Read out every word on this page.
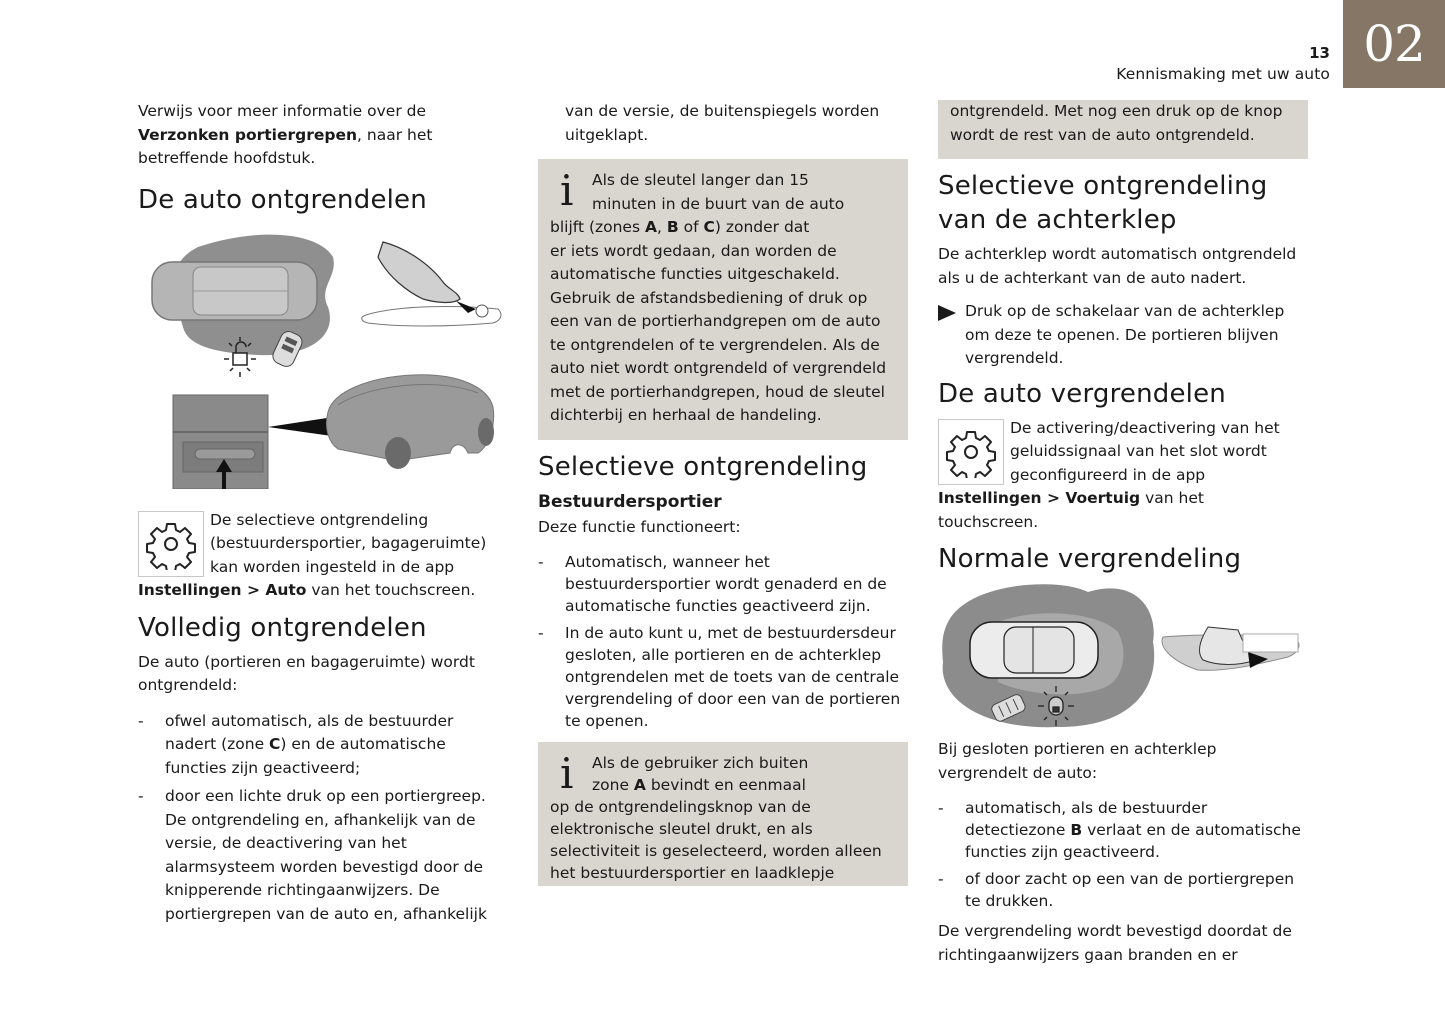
13
Kennismaking met uw auto
02

Verwijs voor meer informatie over de Verzonken portiergrepen, naar het betreffende hoofdstuk.

De auto ontgrendelen

De selectieve ontgrendeling (bestuurdersportier, bagageruimte) kan worden ingesteld in de app Instellingen > Auto van het touchscreen.

Volledig ontgrendelen

De auto (portieren en bagageruimte) wordt ontgrendeld:

- ofwel automatisch, als de bestuurder nadert (zone C) en de automatische functies zijn geactiveerd;
- door een lichte druk op een portiergreep. De ontgrendeling en, afhankelijk van de versie, de deactivering van het alarmsysteem worden bevestigd door de knipperende richtingaanwijzers. De portiergrepen van de auto en, afhankelijk

van de versie, de buitenspiegels worden uitgeklapt.

i	Als de sleutel langer dan 15
minuten in de buurt van de auto
blijft (zones A, B of C) zonder dat
er iets wordt gedaan, dan worden de automatische functies uitgeschakeld. Gebruik de afstandsbediening of druk op een van de portierhandgrepen om de auto te ontgrendelen of te vergrendelen. Als de auto niet wordt ontgrendeld of vergrendeld met de portierhandgrepen, houd de sleutel dichterbij en herhaal de handeling.
Selectieve ontgrendeling
Bestuurdersportier

Deze functie functioneert:

- Automatisch, wanneer het bestuurdersportier wordt genaderd en de automatische functies geactiveerd zijn.
- In de auto kunt u, met de bestuurdersdeur gesloten, alle portieren en de achterklep ontgrendelen met de toets van de centrale vergrendeling of door een van de portieren te openen.
i	Als de gebruiker zich buiten
zone A bevindt en eenmaal
op de ontgrendelingsknop van de elektronische sleutel drukt, en als selectiviteit is geselecteerd, worden alleen het bestuurdersportier en laadklepje
ontgrendeld. Met nog een druk op de knop wordt de rest van de auto ontgrendeld.
Selectieve ontgrendeling van de achterklep

De achterklep wordt automatisch ontgrendeld als u de achterkant van de auto nadert.

Druk op de schakelaar van de achterklep om deze te openen. De portieren blijven vergrendeld.

De auto vergrendelen

De activering/deactivering van het geluidssignaal van het slot wordt geconfigureerd in de app Instellingen > Voertuig van het touchscreen.

Normale vergrendeling

Bij gesloten portieren en achterklep vergrendelt de auto:

- automatisch, als de bestuurder detectiezone B verlaat en de automatische functies zijn geactiveerd.
- of door zacht op een van de portiergrepen te drukken.

De vergrendeling wordt bevestigd doordat de richtingaanwijzers gaan branden en er
